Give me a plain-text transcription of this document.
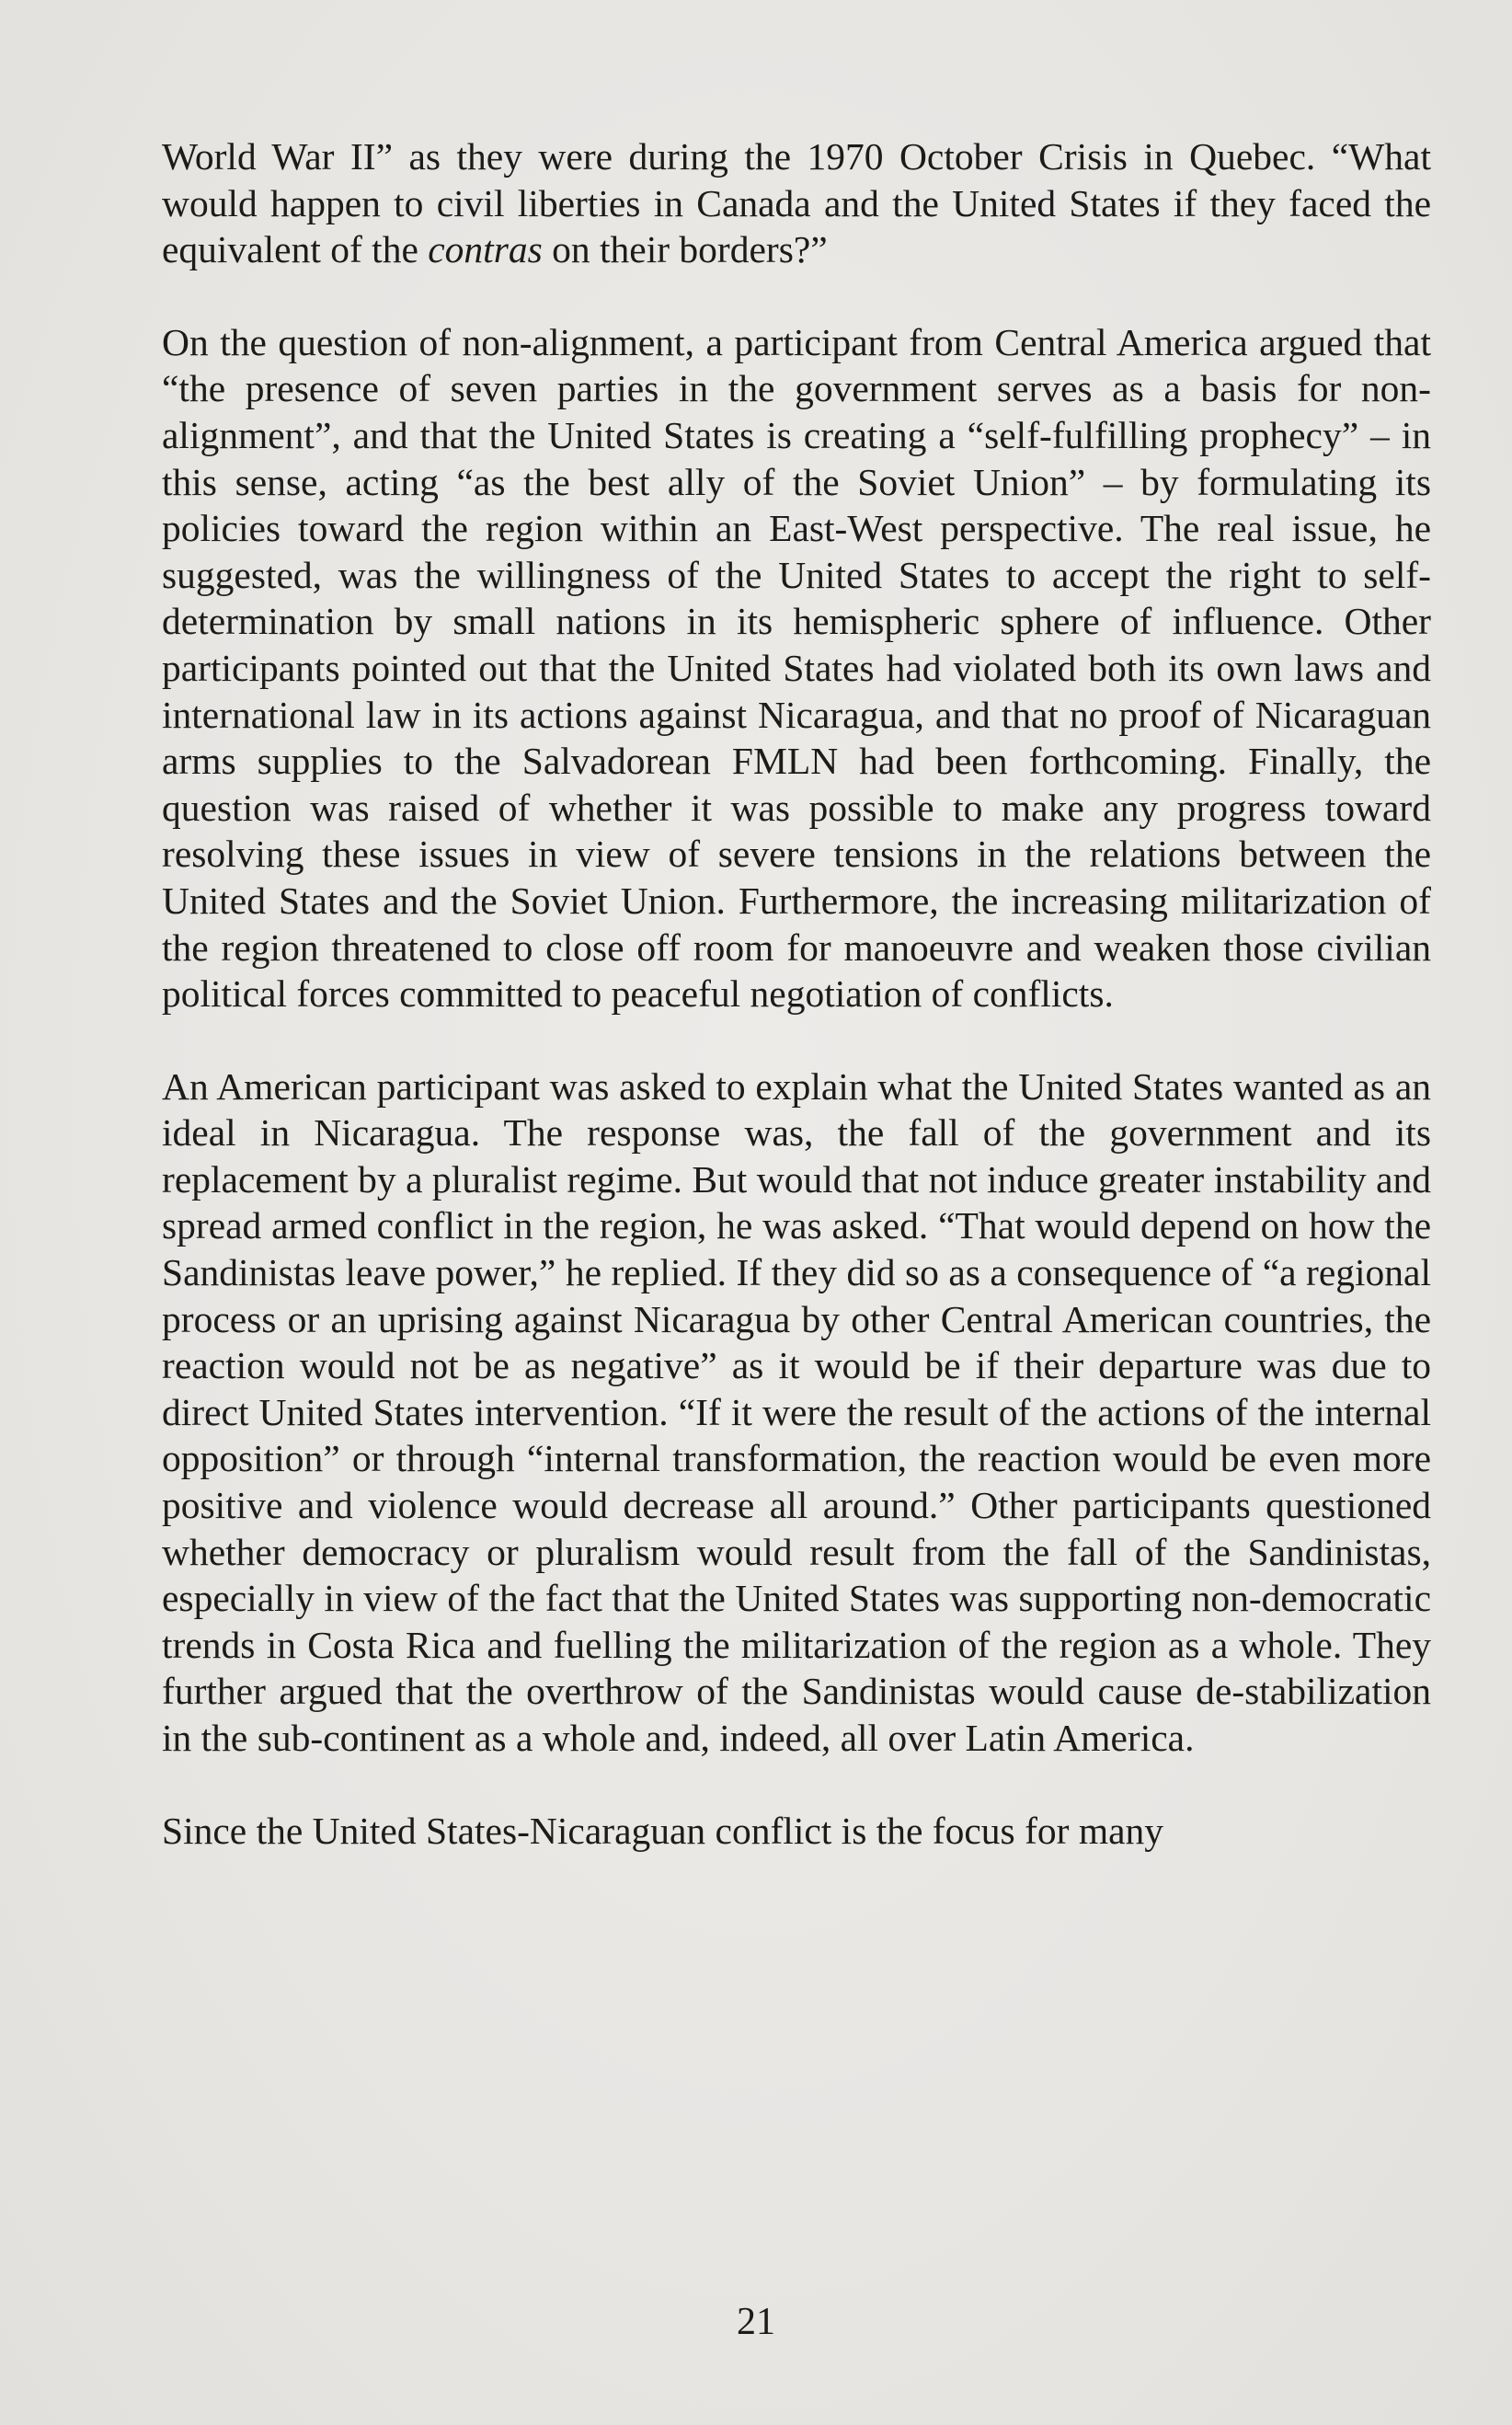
World War II” as they were during the 1970 October Crisis in Quebec. “What would happen to civil liberties in Canada and the United States if they faced the equivalent of the contras on their borders?”

On the question of non-alignment, a participant from Central America argued that “the presence of seven parties in the government serves as a basis for non-alignment”, and that the United States is creating a “self-fulfilling prophecy” – in this sense, acting “as the best ally of the Soviet Union” – by formulating its policies toward the region within an East-West perspective. The real issue, he suggested, was the willingness of the United States to accept the right to self-determination by small nations in its hemispheric sphere of influence. Other participants pointed out that the United States had violated both its own laws and international law in its actions against Nicaragua, and that no proof of Nicaraguan arms supplies to the Salvadorean FMLN had been forthcoming. Finally, the question was raised of whether it was possible to make any progress toward resolving these issues in view of severe tensions in the relations between the United States and the Soviet Union. Furthermore, the increasing militarization of the region threatened to close off room for manoeuvre and weaken those civilian political forces committed to peaceful negotiation of conflicts.

An American participant was asked to explain what the United States wanted as an ideal in Nicaragua. The response was, the fall of the government and its replacement by a pluralist regime. But would that not induce greater instability and spread armed conflict in the region, he was asked. “That would depend on how the Sandinistas leave power,” he replied. If they did so as a consequence of “a regional process or an uprising against Nicaragua by other Central American countries, the reaction would not be as negative” as it would be if their departure was due to direct United States intervention. “If it were the result of the actions of the internal opposition” or through “internal transformation, the reaction would be even more positive and violence would decrease all around.” Other participants questioned whether democracy or pluralism would result from the fall of the Sandinistas, especially in view of the fact that the United States was supporting non-democratic trends in Costa Rica and fuelling the militarization of the region as a whole. They further argued that the overthrow of the Sandinistas would cause de-stabilization in the sub-continent as a whole and, indeed, all over Latin America.

Since the United States-Nicaraguan conflict is the focus for many

21
